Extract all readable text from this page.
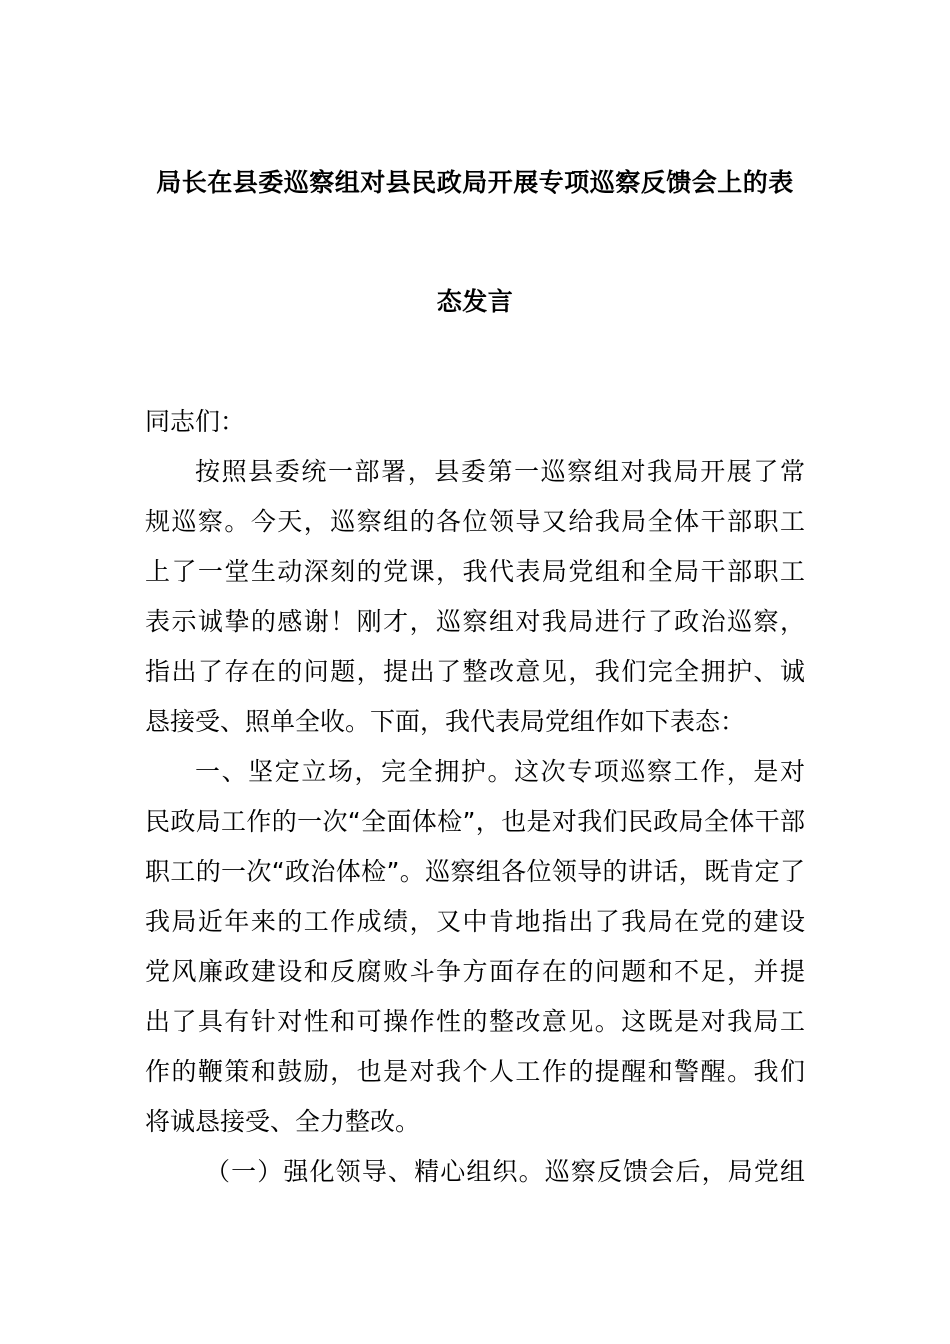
局长在县委巡察组对县民政局开展专项巡察反馈会上的表
态发言
同志们：
按照县委统一部署，县委第一巡察组对我局开展了常
规巡察。今天，巡察组的各位领导又给我局全体干部职工
上了一堂生动深刻的党课，我代表局党组和全局干部职工
表示诚挚的感谢！刚才，巡察组对我局进行了政治巡察，
指出了存在的问题，提出了整改意见，我们完全拥护、诚
恳接受、照单全收。下面，我代表局党组作如下表态：
一、坚定立场，完全拥护。这次专项巡察工作，是对
民政局工作的一次“全面体检”，也是对我们民政局全体干部
职工的一次“政治体检”。巡察组各位领导的讲话，既肯定了
我局近年来的工作成绩，又中肯地指出了我局在党的建设
党风廉政建设和反腐败斗争方面存在的问题和不足，并提
出了具有针对性和可操作性的整改意见。这既是对我局工
作的鞭策和鼓励，也是对我个人工作的提醒和警醒。我们
将诚恳接受、全力整改。
（一）强化领导、精心组织。巡察反馈会后，局党组
